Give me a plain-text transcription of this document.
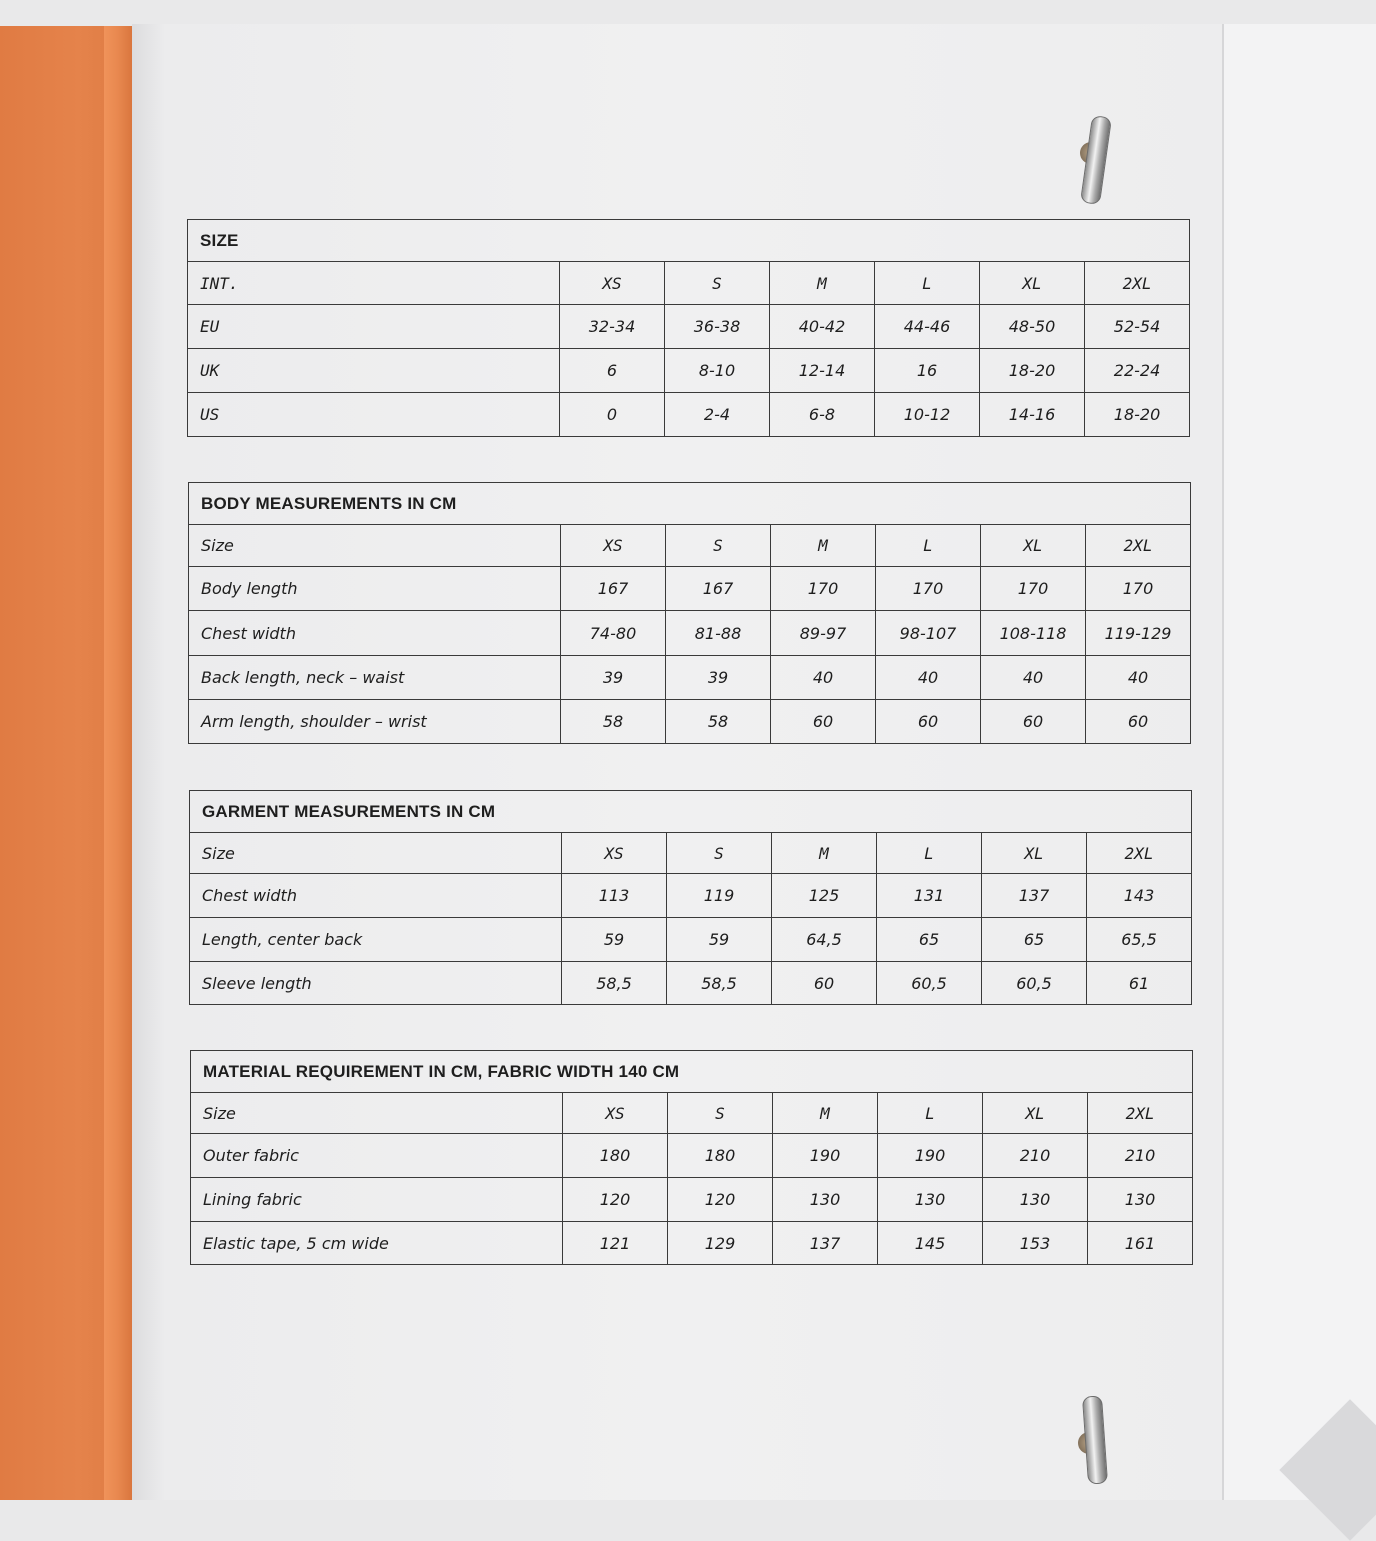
SIZE						
INT.	XS	S	M	L	XL	2XL
EU	32-34	36-38	40-42	44-46	48-50	52-54
UK	6	8-10	12-14	16	18-20	22-24
US	0	2-4	6-8	10-12	14-16	18-20
BODY MEASUREMENTS IN CM						
Size	XS	S	M	L	XL	2XL
Body length	167	167	170	170	170	170
Chest width	74-80	81-88	89-97	98-107	108-118	119-129
Back length, neck – waist	39	39	40	40	40	40
Arm length, shoulder – wrist	58	58	60	60	60	60
GARMENT MEASUREMENTS IN CM						
Size	XS	S	M	L	XL	2XL
Chest width	113	119	125	131	137	143
Length, center back	59	59	64,5	65	65	65,5
Sleeve length	58,5	58,5	60	60,5	60,5	61
MATERIAL REQUIREMENT IN CM, FABRIC WIDTH 140 CM						
Size	XS	S	M	L	XL	2XL
Outer fabric	180	180	190	190	210	210
Lining fabric	120	120	130	130	130	130
Elastic tape, 5 cm wide	121	129	137	145	153	161
